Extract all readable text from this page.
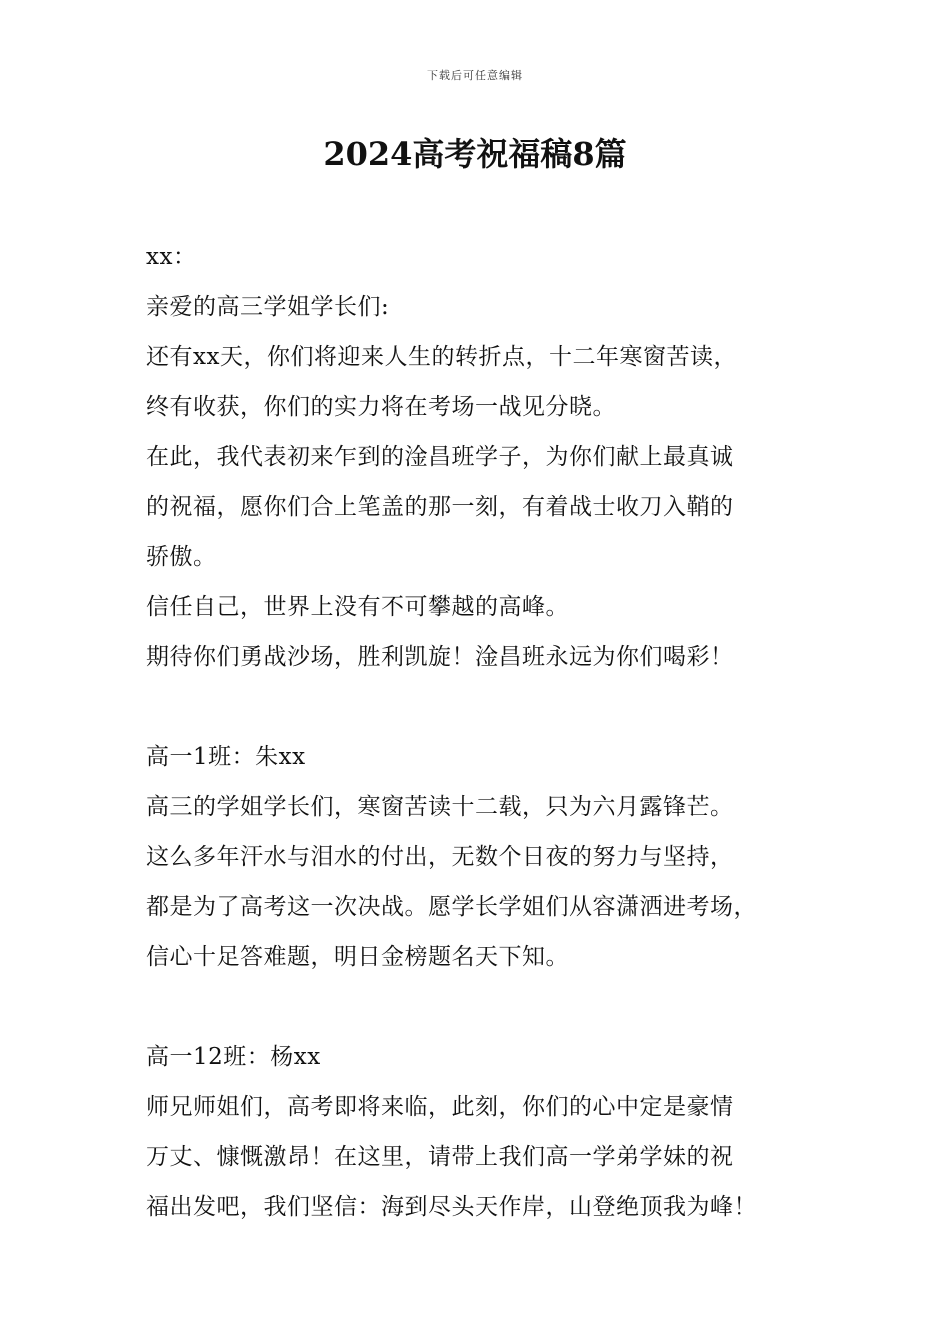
下载后可任意编辑
2024高考祝福稿8篇
xx：
亲爱的高三学姐学长们:
还有xx天，你们将迎来人生的转折点，十二年寒窗苦读，
终有收获，你们的实力将在考场一战见分晓。
在此，我代表初来乍到的淦昌班学子，为你们献上最真诚
的祝福，愿你们合上笔盖的那一刻，有着战士收刀入鞘的
骄傲。
信任自己，世界上没有不可攀越的高峰。
期待你们勇战沙场，胜利凯旋！淦昌班永远为你们喝彩！
高一1班：朱xx
高三的学姐学长们，寒窗苦读十二载，只为六月露锋芒。
这么多年汗水与泪水的付出，无数个日夜的努力与坚持，
都是为了高考这一次决战。愿学长学姐们从容潇洒进考场，
信心十足答难题，明日金榜题名天下知。
高一12班：杨xx
师兄师姐们，高考即将来临，此刻，你们的心中定是豪情
万丈、慷慨激昂！在这里，请带上我们高一学弟学妹的祝
福出发吧，我们坚信：海到尽头天作岸，山登绝顶我为峰！
